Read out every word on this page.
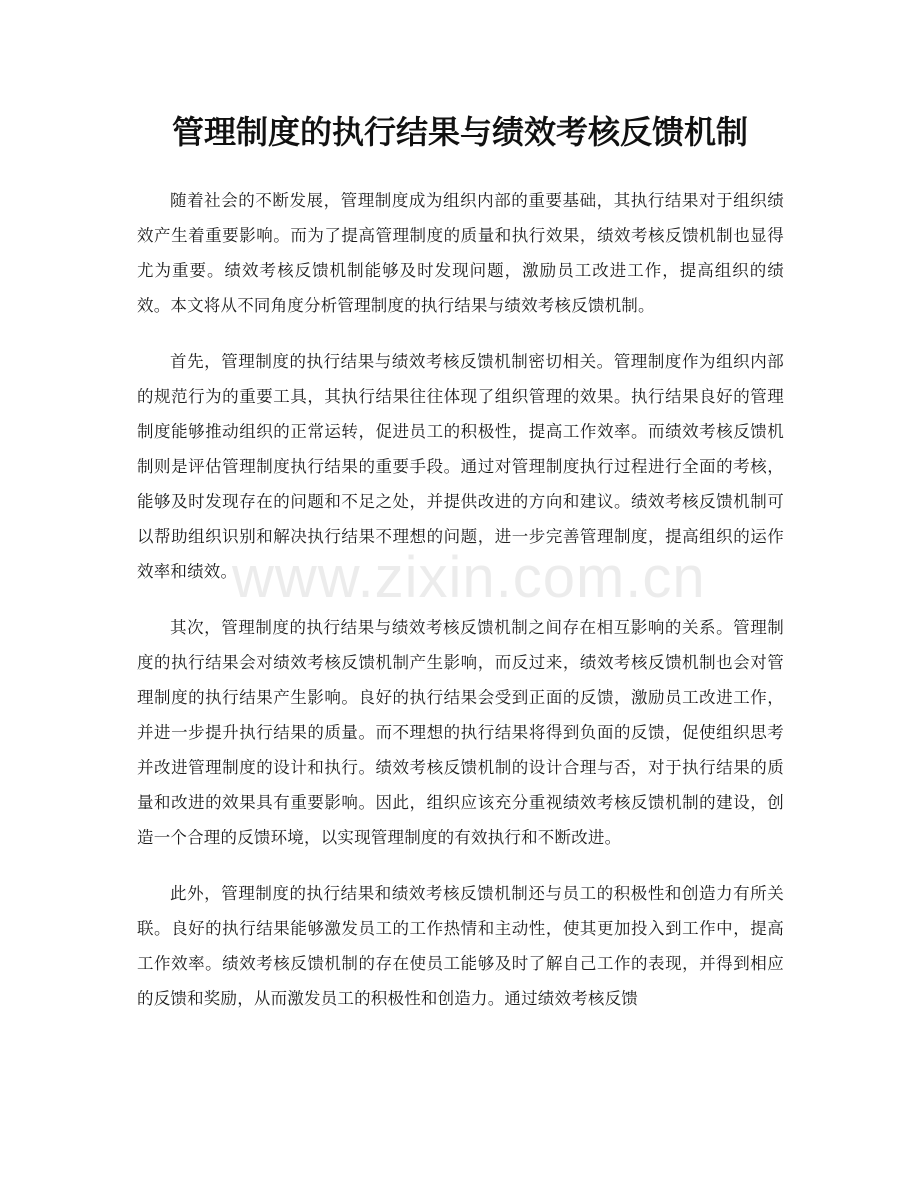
管理制度的执行结果与绩效考核反馈机制

随着社会的不断发展，管理制度成为组织内部的重要基础，其执行结果对于组织绩效产生着重要影响。而为了提高管理制度的质量和执行效果，绩效考核反馈机制也显得尤为重要。绩效考核反馈机制能够及时发现问题，激励员工改进工作，提高组织的绩效。本文将从不同角度分析管理制度的执行结果与绩效考核反馈机制。

首先，管理制度的执行结果与绩效考核反馈机制密切相关。管理制度作为组织内部的规范行为的重要工具，其执行结果往往体现了组织管理的效果。执行结果良好的管理制度能够推动组织的正常运转，促进员工的积极性，提高工作效率。而绩效考核反馈机制则是评估管理制度执行结果的重要手段。通过对管理制度执行过程进行全面的考核，能够及时发现存在的问题和不足之处，并提供改进的方向和建议。绩效考核反馈机制可以帮助组织识别和解决执行结果不理想的问题，进一步完善管理制度，提高组织的运作效率和绩效。

其次，管理制度的执行结果与绩效考核反馈机制之间存在相互影响的关系。管理制度的执行结果会对绩效考核反馈机制产生影响，而反过来，绩效考核反馈机制也会对管理制度的执行结果产生影响。良好的执行结果会受到正面的反馈，激励员工改进工作，并进一步提升执行结果的质量。而不理想的执行结果将得到负面的反馈，促使组织思考并改进管理制度的设计和执行。绩效考核反馈机制的设计合理与否，对于执行结果的质量和改进的效果具有重要影响。因此，组织应该充分重视绩效考核反馈机制的建设，创造一个合理的反馈环境，以实现管理制度的有效执行和不断改进。

此外，管理制度的执行结果和绩效考核反馈机制还与员工的积极性和创造力有所关联。良好的执行结果能够激发员工的工作热情和主动性，使其更加投入到工作中，提高工作效率。绩效考核反馈机制的存在使员工能够及时了解自己工作的表现，并得到相应的反馈和奖励，从而激发员工的积极性和创造力。通过绩效考核反馈

www.zixin.com.cn
